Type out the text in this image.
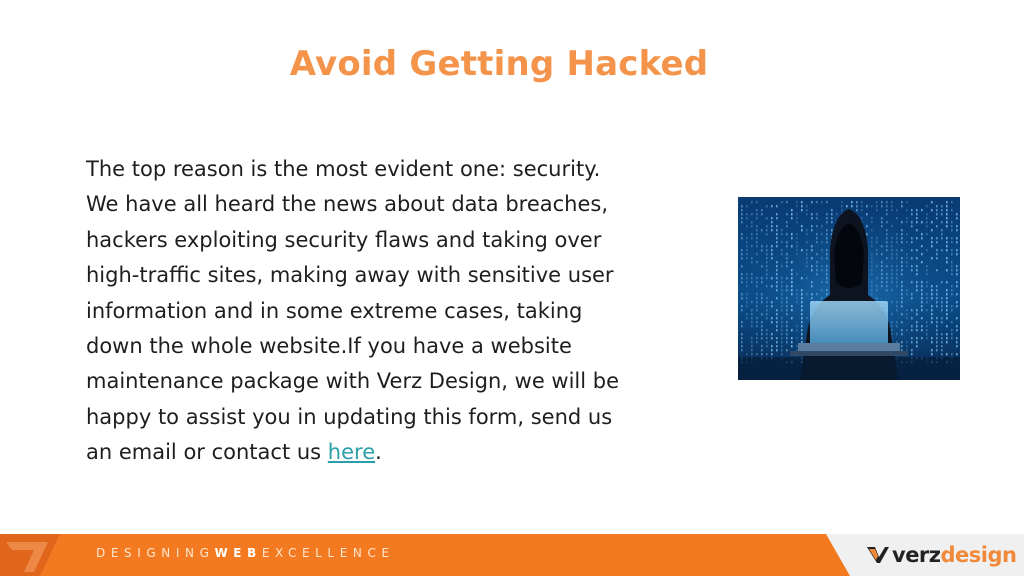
Avoid Getting Hacked
The top reason is the most evident one: security.
We have all heard the news about data breaches,
hackers exploiting security flaws and taking over
high-traffic sites, making away with sensitive user
information and in some extreme cases, taking
down the whole website.If you have a website
maintenance package with Verz Design, we will be
happy to assist you in updating this form, send us
an email or contact us here.
DESIGNINGWEBEXCELLENCE	verzdesign
